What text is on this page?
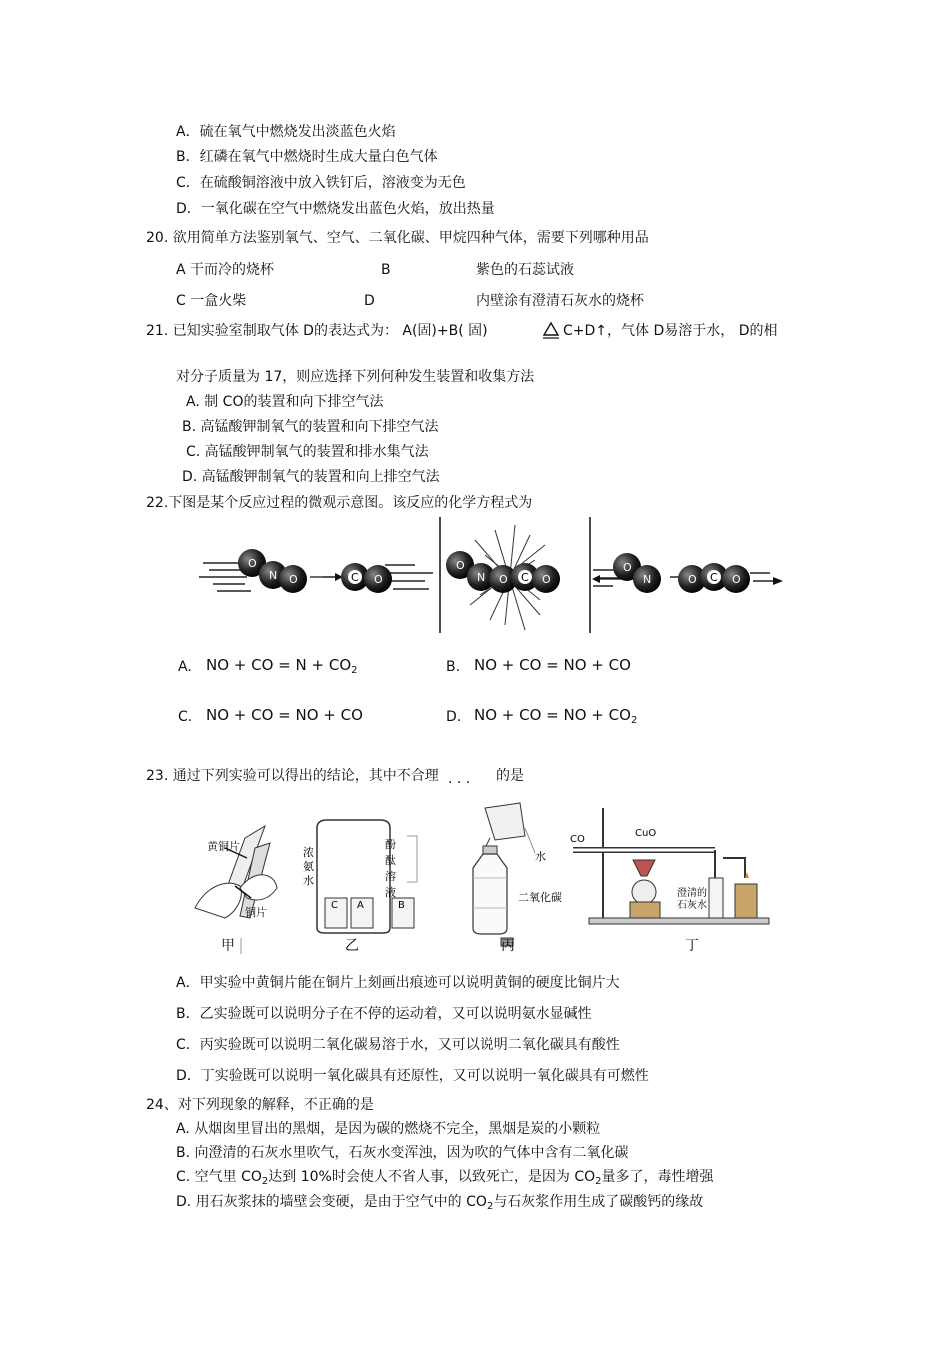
A．硫在氧气中燃烧发出淡蓝色火焰
B．红磷在氧气中燃烧时生成大量白色气体
C．在硫酸铜溶液中放入铁钉后，溶液变为无色
D．一氧化碳在空气中燃烧发出蓝色火焰，放出热量
20. 欲用简单方法鉴别氧气、空气、二氧化碳、甲烷四种气体，需要下列哪种用品
A 干而冷的烧杯	B	紫色的石蕊试液
C 一盒火柴	D	内壁涂有澄清石灰水的烧杯
21. 已知实验室制取气体 D的表达式为： A(固)+B( 固)	C+D↑，气体 D易溶于水， D的相
对分子质量为 17，则应选择下列何种发生装置和收集方法
A. 制 CO的装置和向下排空气法
B. 高锰酸钾制氧气的装置和向下排空气法
C. 高锰酸钾制氧气的装置和排水集气法
D. 高锰酸钾制氧气的装置和向上排空气法
22.下图是某个反应过程的微观示意图。该反应的化学方程式为
O
N O	C O
O
N O C O
O
N	O C O
A. NO + CO = $N + CO_2$	B. NO + CO = NO + CO
C. NO + CO = NO + CO	D. NO + CO = NO + $CO_2$
23. 通过下列实验可以得出的结论，其中不合理 · · · 的是
黄铜片
铜片
甲
C A	B
浓
氨
水
酚
酞
溶
液
乙
水
二氧化碳
丙
CO
CuO
澄清的
石灰水
丁
A．甲实验中黄铜片能在铜片上刻画出痕迹可以说明黄铜的硬度比铜片大
B．乙实验既可以说明分子在不停的运动着，又可以说明氨水显碱性
C．丙实验既可以说明二氧化碳易溶于水，又可以说明二氧化碳具有酸性
D．丁实验既可以说明一氧化碳具有还原性，又可以说明一氧化碳具有可燃性
24、对下列现象的解释，不正确的是
A. 从烟囱里冒出的黑烟，是因为碳的燃烧不完全，黑烟是炭的小颗粒
B. 向澄清的石灰水里吹气，石灰水变浑浊，因为吹的气体中含有二氧化碳
C. 空气里 $CO_2$达到 10%时会使人不省人事，以致死亡，是因为 $CO_2$量多了，毒性增强
D. 用石灰浆抹的墙壁会变硬，是由于空气中的 $CO_2$与石灰浆作用生成了碳酸钙的缘故
